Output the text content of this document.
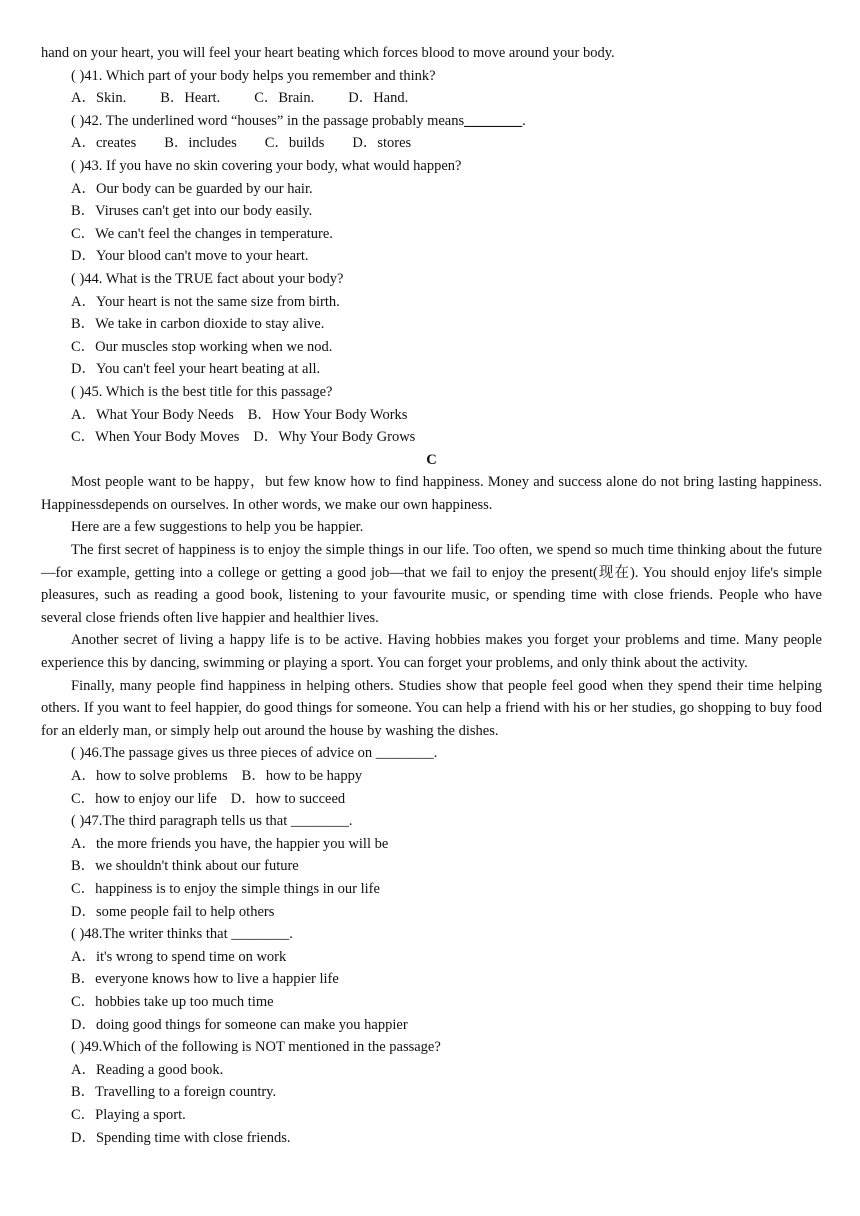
hand on your heart, you will feel your heart beating which forces blood to move around your body.
( )41. Which part of your body helps you remember and think?
A．Skin. B．Heart. C．Brain. D．Hand.
( )42. The underlined word “houses” in the passage probably means________.
A．creates B．includes C．builds D．stores
( )43. If you have no skin covering your body, what would happen?
A．Our body can be guarded by our hair.
B．Viruses can't get into our body easily.
C．We can't feel the changes in temperature.
D．Your blood can't move to your heart.
( )44. What is the TRUE fact about your body?
A．Your heart is not the same size from birth.
B．We take in carbon dioxide to stay alive.
C．Our muscles stop working when we nod.
D．You can't feel your heart beating at all.
( )45. Which is the best title for this passage?
A．What Your Body Needs B．How Your Body Works
C．When Your Body Moves D．Why Your Body Grows
C

Most people want to be happy，but few know how to find happiness. Money and success alone do not bring lasting happiness. Happinessdepends on ourselves. In other words, we make our own happiness.

Here are a few suggestions to help you be happier.

The first secret of happiness is to enjoy the simple things in our life. Too often, we spend so much time thinking about the future—for example, getting into a college or getting a good job—that we fail to enjoy the present(现在). You should enjoy life's simple pleasures, such as reading a good book, listening to your favourite music, or spending time with close friends. People who have several close friends often live happier and healthier lives.

Another secret of living a happy life is to be active. Having hobbies makes you forget your problems and time. Many people experience this by dancing, swimming or playing a sport. You can forget your problems, and only think about the activity.

Finally, many people find happiness in helping others. Studies show that people feel good when they spend their time helping others. If you want to feel happier, do good things for someone. You can help a friend with his or her studies, go shopping to buy food for an elderly man, or simply help out around the house by washing the dishes.

( )46.The passage gives us three pieces of advice on ________.
A．how to solve problems B．how to be happy
C．how to enjoy our life D．how to succeed
( )47.The third paragraph tells us that ________.
A．the more friends you have, the happier you will be
B．we shouldn't think about our future
C．happiness is to enjoy the simple things in our life
D．some people fail to help others
( )48.The writer thinks that ________.
A．it's wrong to spend time on work
B．everyone knows how to live a happier life
C．hobbies take up too much time
D．doing good things for someone can make you happier
( )49.Which of the following is NOT mentioned in the passage?
A．Reading a good book.
B．Travelling to a foreign country.
C．Playing a sport.
D．Spending time with close friends.
